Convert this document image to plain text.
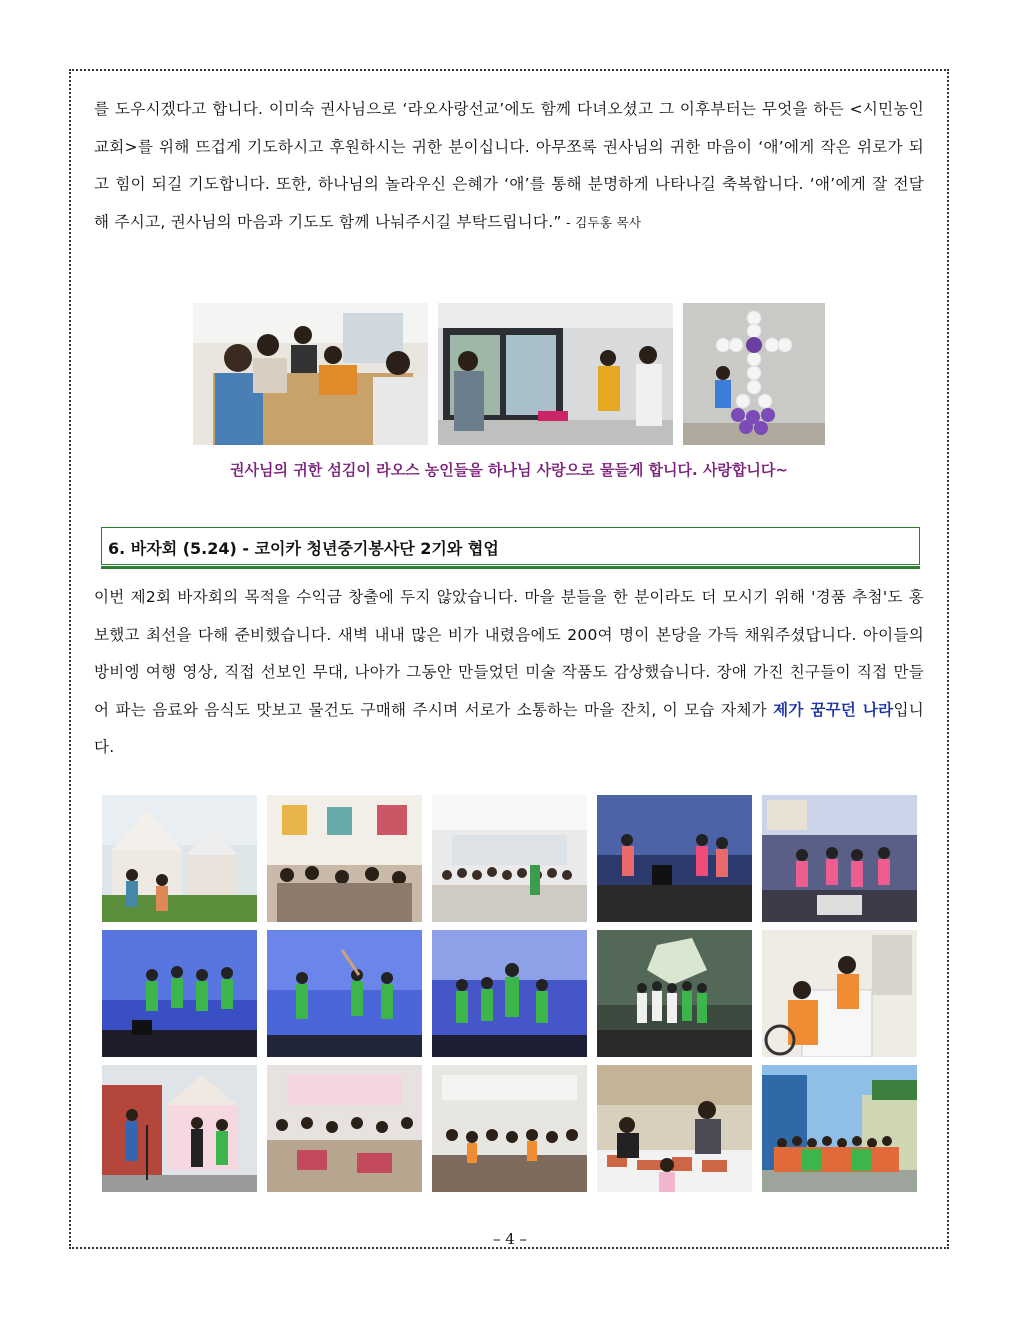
를 도우시겠다고 합니다. 이미숙 권사님으로 ‘라오사랑선교’에도 함께 다녀오셨고 그 이후부터는 무엇을 하든 <시민농인교회>를 위해 뜨겁게 기도하시고 후원하시는 귀한 분이십니다. 아무쪼록 권사님의 귀한 마음이 ‘애’에게 작은 위로가 되고 힘이 되길 기도합니다. 또한, 하나님의 놀라우신 은혜가 ‘애’를 통해 분명하게 나타나길 축복합니다. ‘애’에게 잘 전달해 주시고, 권사님의 마음과 기도도 함께 나눠주시길 부탁드립니다.” - 김두홍 목사

권사님의 귀한 섬김이 라오스 농인들을 하나님 사랑으로 물들게 합니다. 사랑합니다~

6. 바자회 (5.24) - 코이카 청년중기봉사단 2기와 협업

이번 제2회 바자회의 목적을 수익금 창출에 두지 않았습니다. 마을 분들을 한 분이라도 더 모시기 위해 '경품 추첨'도 홍보했고 최선을 다해 준비했습니다. 새벽 내내 많은 비가 내렸음에도 200여 명이 본당을 가득 채워주셨답니다. 아이들의 방비엥 여행 영상, 직접 선보인 무대, 나아가 그동안 만들었던 미술 작품도 감상했습니다. 장애 가진 친구들이 직접 만들어 파는 음료와 음식도 맛보고 물건도 구매해 주시며 서로가 소통하는 마을 잔치, 이 모습 자체가 제가 꿈꾸던 나라입니다.

– 4 –
